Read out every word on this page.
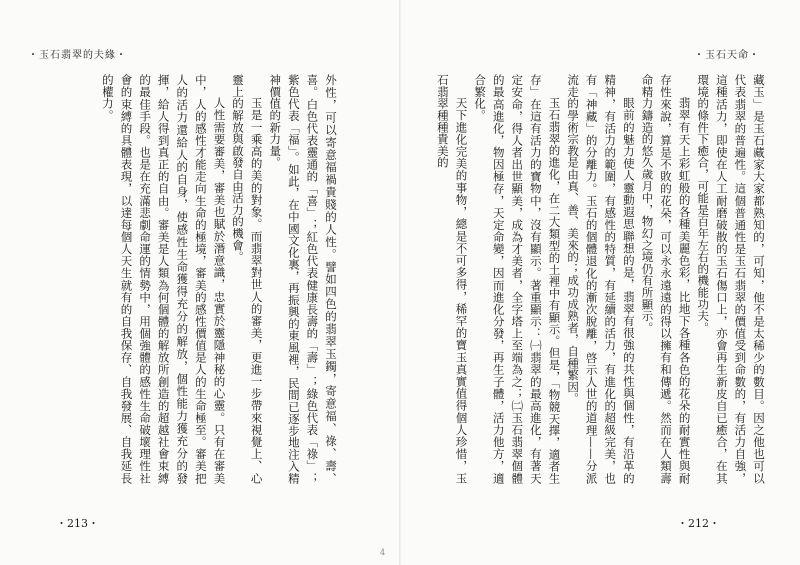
・玉石翡翠的夫緣・

外性，可以寄意福禍貴賤的人性。譬如四色的翡翠玉鐲，寄意福、祿、壽、喜。白色代表靈通的「喜」；紅色代表健康長壽的「壽」；綠色代表「祿」；紫色代表「福」。如此，在中國文化裏，再振興的東風裡，民間已逐步地注入精神價值的新力量。

玉是一乘高的美的對象。而翡翠對世人的審美，更進一步帶來視覺上、心靈上的解放與啟發自由活力的機會。

人性需要審美，審美也賦於潛意識，忠實於靈隱神秘的心靈。只有在審美中，人的感性才能走向生命的極境，審美的感性價值是人的生命極至。審美把人的活力還給人的自身，使感性生命獲得充分的解放，個性能力獲充分的發揮，給人得到真正的自由。審美是人類為何個體的解放所創造的超越社會束縛的最佳手段。也是在充滿悲劇命運的情勢中，用個強體的感性生命破壞理性社會的束縛的具體表現，以達每個人天生就有的自我保存、自我發展、自我延長的權力。

・213・
・玉石天命・

藏玉」是玉石藏家大家都熟知的，可知，他不是太稀少的數目。因之他也可以代表翡翠的普遍性。這個普通性是玉石翡翠的價值受到命數的，有活力自強，這種活力，即使在人工耐磨破散的玉石傷口上，亦會再生新皮自已癒合，在其環境的條件下癒合，可能是百年左右的機能功夫。

翡翠有天上彩虹般的各種美麗色彩，比地下各種各色的花朵的耐實性與耐存性來說，算是不敗的花朵，可以永永遠遠的得以擁有和傳遞。然而在人類壽命精力鑄造的悠久歲月中，物幻之境仍有所顯示。

眼前的魅力使人靈動遐思聯想的是，翡翠有很強的共性與個性，有沿革的精神，有活力的範圍，有感性的特質，有延續的活力，有進化的超級完美，也有「神藏」的分離力。玉石的個體退化的漸次脫離，啓示人世的道理——分派流走的學術宗教是由真、善、美來的；成功成熟者，自種繁因。

玉石翡翠的進化，在二大類型的土裡中有顯示。但是，「物競天擇，適者生存」在這有活力的寶物中，沒有顯示。著重顯示：㈠翡翠的最高進化，有著天定安命，得人者出世顯美，成為才美者，全字塔上至端為之；㈡玉石翡翠個體的最高進化，物因極存，天定命變，因而進化分發，再生子體，活力他方，適合繁化。

天下進化完美的事物，總是不可多得，稀罕的寶玉真實值得個人珍惜，玉石翡翠種種貴美的

・212・
4
